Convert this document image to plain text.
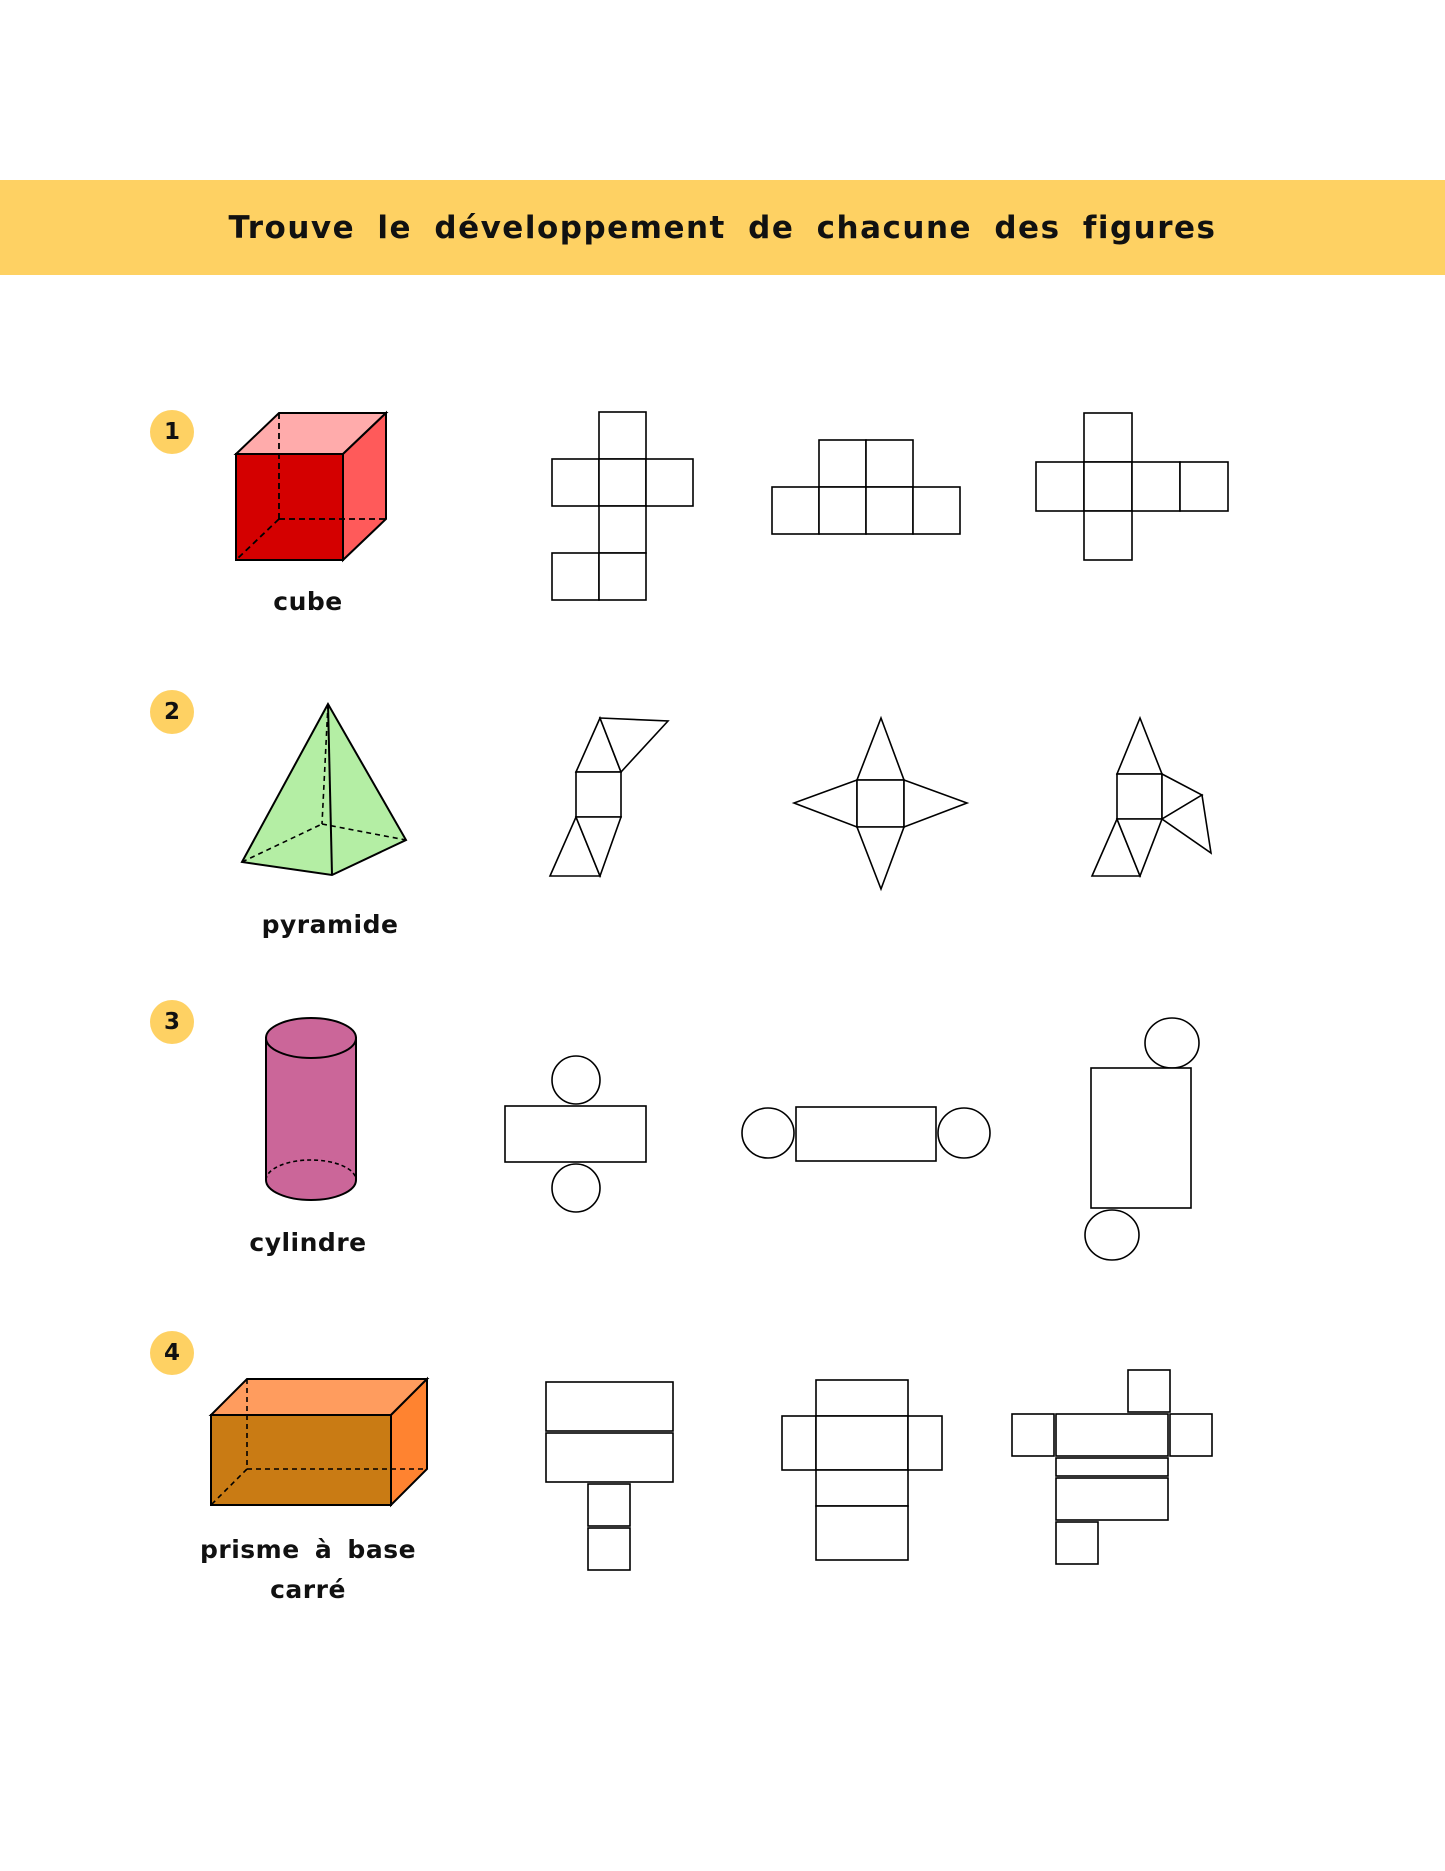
Trouve le développement de chacune des figures
1
cube
2
pyramide
3
cylindre
4
prisme à base
carré
